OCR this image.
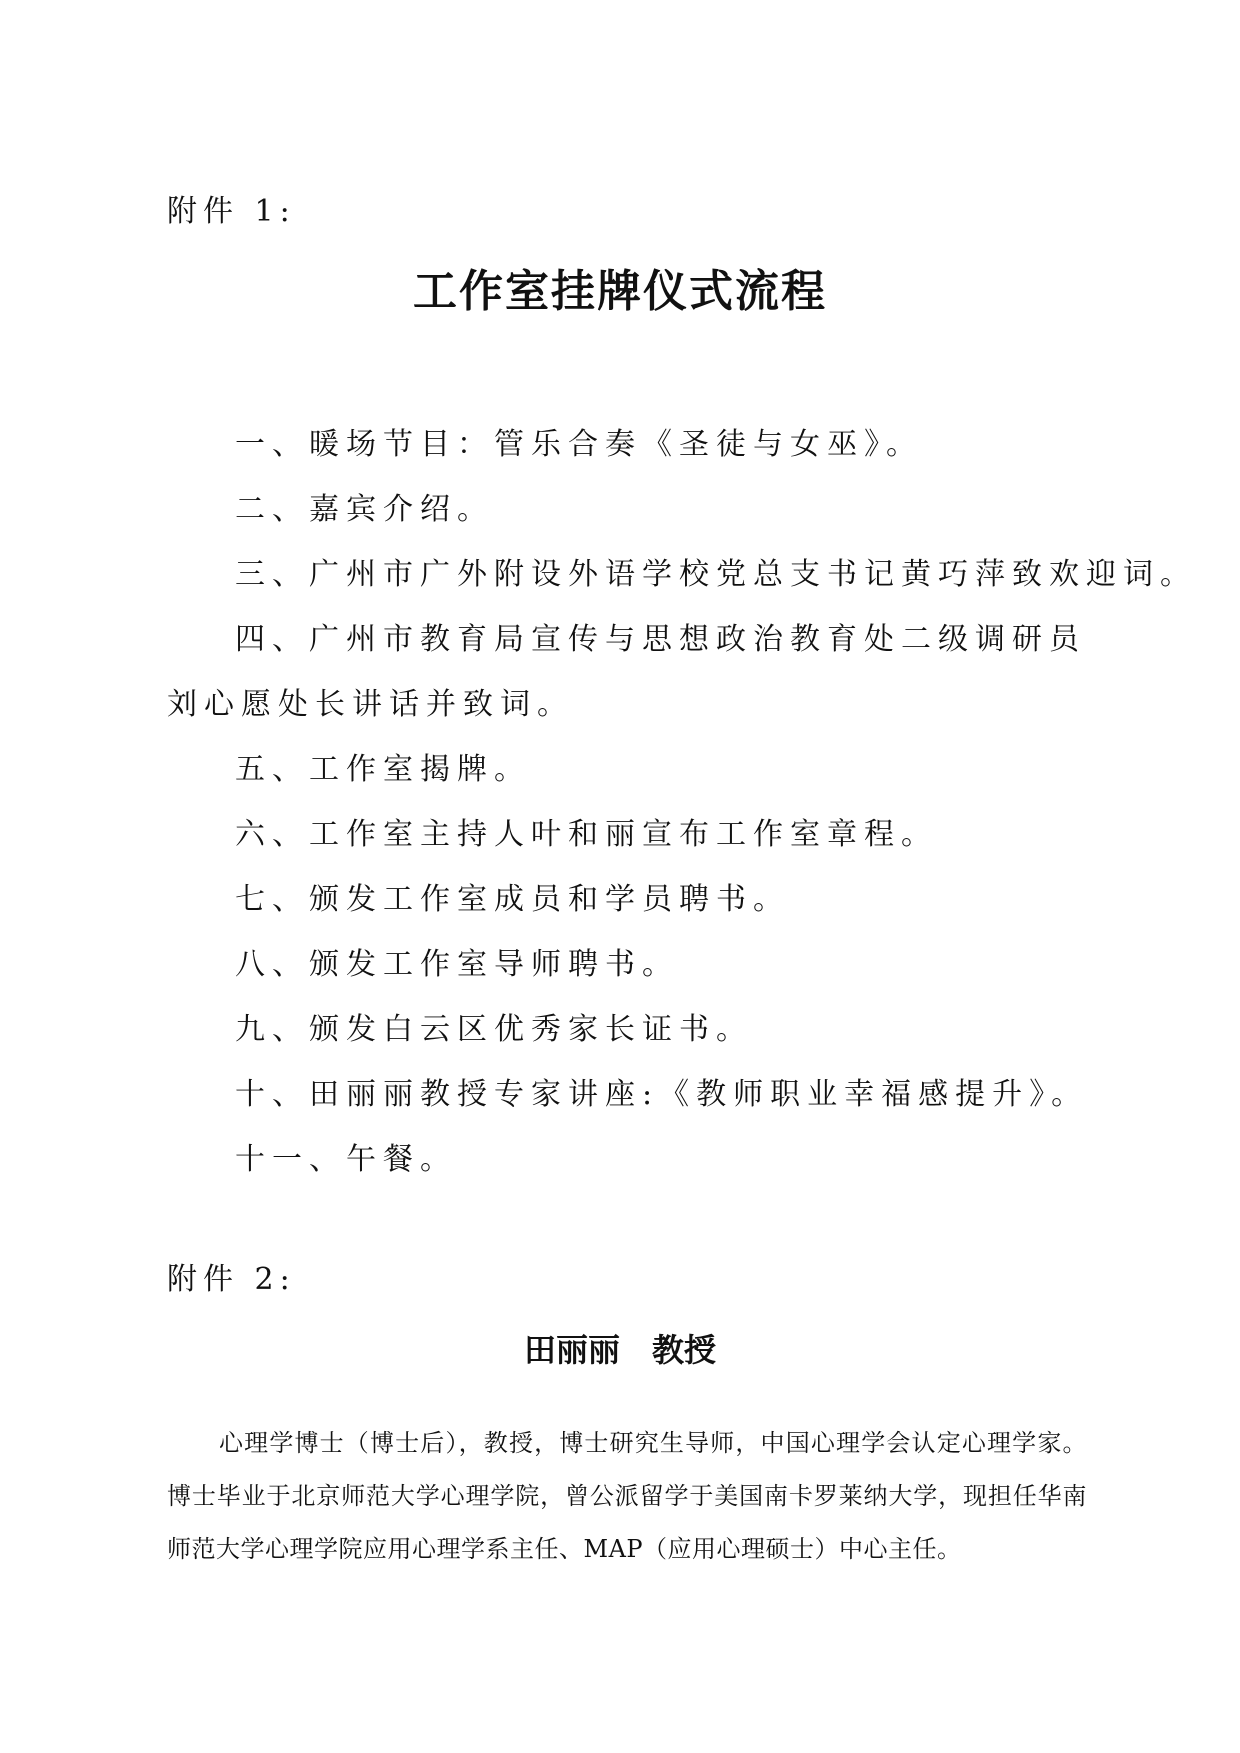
附件 1:
工作室挂牌仪式流程
一、暖场节目：管乐合奏《圣徒与女巫》。
二、嘉宾介绍。
三、广州市广外附设外语学校党总支书记黄巧萍致欢迎词。
四、广州市教育局宣传与思想政治教育处二级调研员刘心愿处长讲话并致词。
五、工作室揭牌。
六、工作室主持人叶和丽宣布工作室章程。
七、颁发工作室成员和学员聘书。
八、颁发工作室导师聘书。
九、颁发白云区优秀家长证书。
十、田丽丽教授专家讲座:《教师职业幸福感提升》。
十一、午餐。
附件 2:
田丽丽　教授

心理学博士（博士后），教授，博士研究生导师，中国心理学会认定心理学家。博士毕业于北京师范大学心理学院，曾公派留学于美国南卡罗莱纳大学，现担任华南师范大学心理学院应用心理学系主任、MAP（应用心理硕士）中心主任。
